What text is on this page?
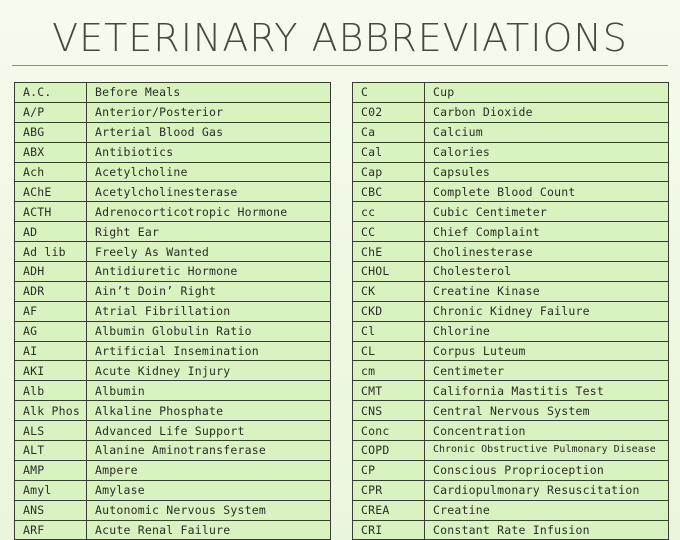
VETERINARY ABBREVIATIONS
A.C.	Before Meals
A/P	Anterior/Posterior
ABG	Arterial Blood Gas
ABX	Antibiotics
Ach	Acetylcholine
AChE	Acetylcholinesterase
ACTH	Adrenocorticotropic Hormone
AD	Right Ear
Ad lib	Freely As Wanted
ADH	Antidiuretic Hormone
ADR	Ain’t Doin’ Right
AF	Atrial Fibrillation
AG	Albumin Globulin Ratio
AI	Artificial Insemination
AKI	Acute Kidney Injury
Alb	Albumin
Alk Phos	Alkaline Phosphate
ALS	Advanced Life Support
ALT	Alanine Aminotransferase
AMP	Ampere
Amyl	Amylase
ANS	Autonomic Nervous System
ARF	Acute Renal Failure
C	Cup
C02	Carbon Dioxide
Ca	Calcium
Cal	Calories
Cap	Capsules
CBC	Complete Blood Count
cc	Cubic Centimeter
CC	Chief Complaint
ChE	Cholinesterase
CHOL	Cholesterol
CK	Creatine Kinase
CKD	Chronic Kidney Failure
Cl	Chlorine
CL	Corpus Luteum
cm	Centimeter
CMT	California Mastitis Test
CNS	Central Nervous System
Conc	Concentration
COPD	Chronic Obstructive Pulmonary Disease
CP	Conscious Proprioception
CPR	Cardiopulmonary Resuscitation
CREA	Creatine
CRI	Constant Rate Infusion
